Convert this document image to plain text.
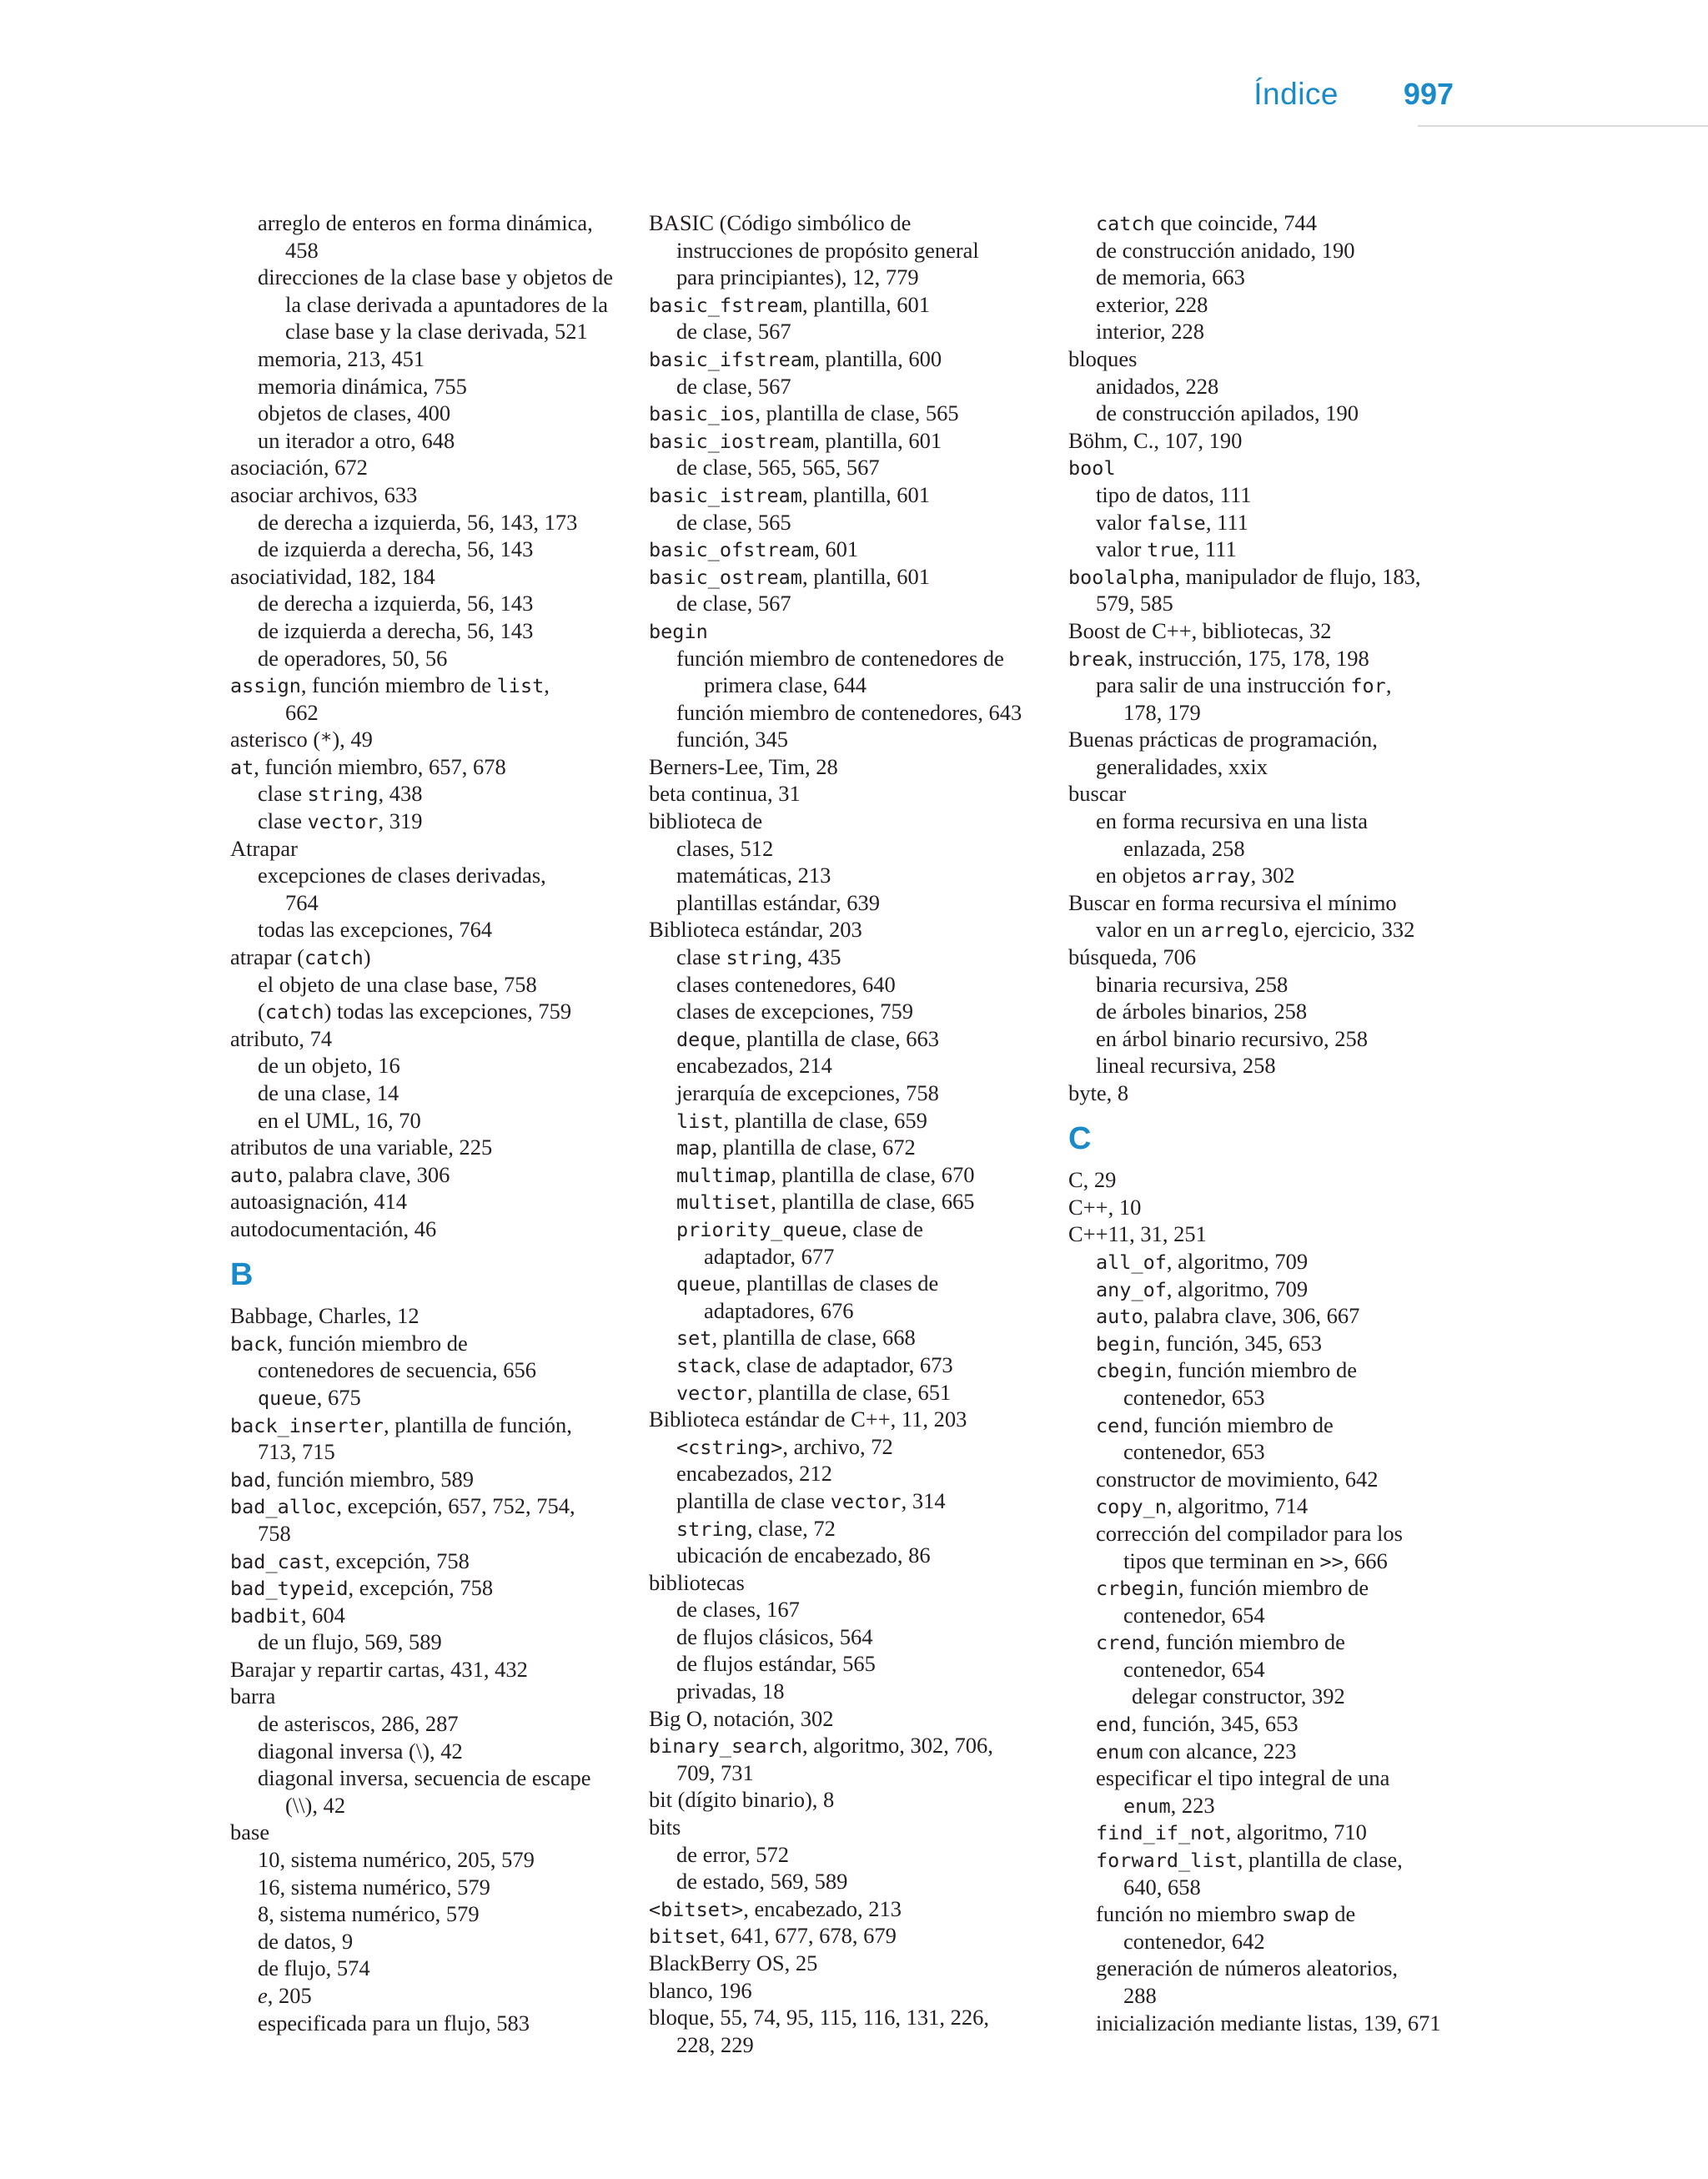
Índice 997
arreglo de enteros en forma dinámica,
458
direcciones de la clase base y objetos de
la clase derivada a apuntadores de la
clase base y la clase derivada, 521
memoria, 213, 451
memoria dinámica, 755
objetos de clases, 400
un iterador a otro, 648
asociación, 672
asociar archivos, 633
de derecha a izquierda, 56, 143, 173
de izquierda a derecha, 56, 143
asociatividad, 182, 184
de derecha a izquierda, 56, 143
de izquierda a derecha, 56, 143
de operadores, 50, 56
assign, función miembro de list,
662
asterisco (*), 49
at, función miembro, 657, 678
clase string, 438
clase vector, 319
Atrapar
excepciones de clases derivadas,
764
todas las excepciones, 764
atrapar (catch)
el objeto de una clase base, 758
(catch) todas las excepciones, 759
atributo, 74
de un objeto, 16
de una clase, 14
en el UML, 16, 70
atributos de una variable, 225
auto, palabra clave, 306
autoasignación, 414
autodocumentación, 46
B
Babbage, Charles, 12
back, función miembro de
contenedores de secuencia, 656
queue, 675
back_inserter, plantilla de función,
713, 715
bad, función miembro, 589
bad_alloc, excepción, 657, 752, 754,
758
bad_cast, excepción, 758
bad_typeid, excepción, 758
badbit, 604
de un flujo, 569, 589
Barajar y repartir cartas, 431, 432
barra
de asteriscos, 286, 287
diagonal inversa (\), 42
diagonal inversa, secuencia de escape
(\\), 42
base
10, sistema numérico, 205, 579
16, sistema numérico, 579
8, sistema numérico, 579
de datos, 9
de flujo, 574
e, 205
especificada para un flujo, 583
BASIC (Código simbólico de
instrucciones de propósito general
para principiantes), 12, 779
basic_fstream, plantilla, 601
de clase, 567
basic_ifstream, plantilla, 600
de clase, 567
basic_ios, plantilla de clase, 565
basic_iostream, plantilla, 601
de clase, 565, 565, 567
basic_istream, plantilla, 601
de clase, 565
basic_ofstream, 601
basic_ostream, plantilla, 601
de clase, 567
begin
función miembro de contenedores de
primera clase, 644
función miembro de contenedores, 643
función, 345
Berners-Lee, Tim, 28
beta continua, 31
biblioteca de
clases, 512
matemáticas, 213
plantillas estándar, 639
Biblioteca estándar, 203
clase string, 435
clases contenedores, 640
clases de excepciones, 759
deque, plantilla de clase, 663
encabezados, 214
jerarquía de excepciones, 758
list, plantilla de clase, 659
map, plantilla de clase, 672
multimap, plantilla de clase, 670
multiset, plantilla de clase, 665
priority_queue, clase de
adaptador, 677
queue, plantillas de clases de
adaptadores, 676
set, plantilla de clase, 668
stack, clase de adaptador, 673
vector, plantilla de clase, 651
Biblioteca estándar de C++, 11, 203
<cstring>, archivo, 72
encabezados, 212
plantilla de clase vector, 314
string, clase, 72
ubicación de encabezado, 86
bibliotecas
de clases, 167
de flujos clásicos, 564
de flujos estándar, 565
privadas, 18
Big O, notación, 302
binary_search, algoritmo, 302, 706,
709, 731
bit (dígito binario), 8
bits
de error, 572
de estado, 569, 589
<bitset>, encabezado, 213
bitset, 641, 677, 678, 679
BlackBerry OS, 25
blanco, 196
bloque, 55, 74, 95, 115, 116, 131, 226,
228, 229
catch que coincide, 744
de construcción anidado, 190
de memoria, 663
exterior, 228
interior, 228
bloques
anidados, 228
de construcción apilados, 190
Böhm, C., 107, 190
bool
tipo de datos, 111
valor false, 111
valor true, 111
boolalpha, manipulador de flujo, 183,
579, 585
Boost de C++, bibliotecas, 32
break, instrucción, 175, 178, 198
para salir de una instrucción for,
178, 179
Buenas prácticas de programación,
generalidades, xxix
buscar
en forma recursiva en una lista
enlazada, 258
en objetos array, 302
Buscar en forma recursiva el mínimo
valor en un arreglo, ejercicio, 332
búsqueda, 706
binaria recursiva, 258
de árboles binarios, 258
en árbol binario recursivo, 258
lineal recursiva, 258
byte, 8
C
C, 29
C++, 10
C++11, 31, 251
all_of, algoritmo, 709
any_of, algoritmo, 709
auto, palabra clave, 306, 667
begin, función, 345, 653
cbegin, función miembro de
contenedor, 653
cend, función miembro de
contenedor, 653
constructor de movimiento, 642
copy_n, algoritmo, 714
corrección del compilador para los
tipos que terminan en >>, 666
crbegin, función miembro de
contenedor, 654
crend, función miembro de
contenedor, 654
delegar constructor, 392
end, función, 345, 653
enum con alcance, 223
especificar el tipo integral de una
enum, 223
find_if_not, algoritmo, 710
forward_list, plantilla de clase,
640, 658
función no miembro swap de
contenedor, 642
generación de números aleatorios,
288
inicialización mediante listas, 139, 671
